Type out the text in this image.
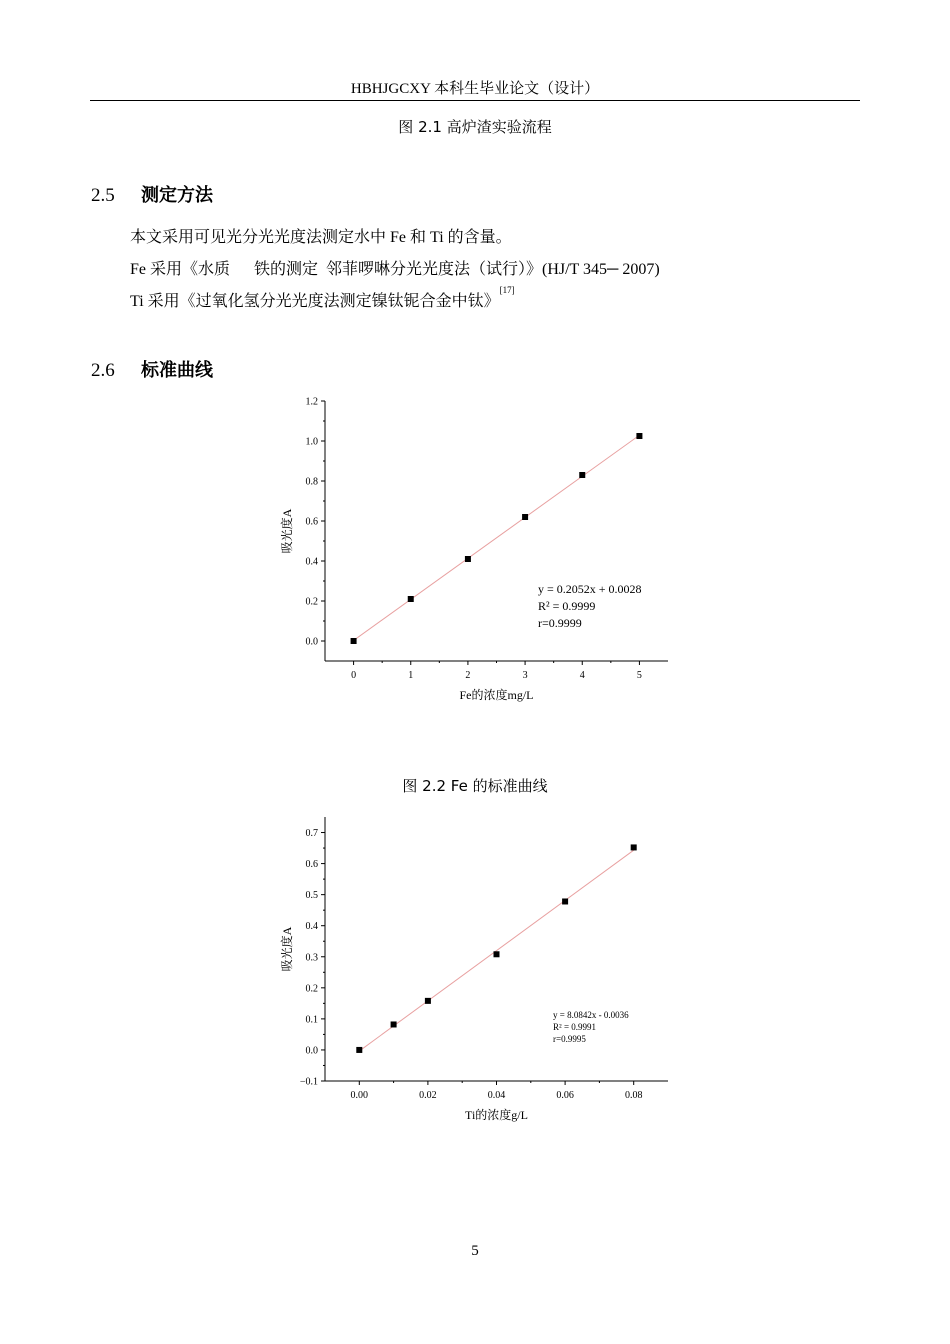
HBHJGCXY 本科生毕业论文（设计）
图 2.1 高炉渣实验流程
2.5 测定方法
本文采用可见光分光光度法测定水中 Fe 和 Ti 的含量。
Fe 采用《水质      铁的测定  邻菲啰啉分光光度法（试行）》(HJ/T 345─ 2007)
Ti 采用《过氧化氢分光光度法测定镍钛铌合金中钛》[17]
2.6 标准曲线
0.0
0.2
0.4
0.6
0.8
1.0
1.2
0	1	2	3	4	5
Fe的浓度mg/L
吸光度A
y = 0.2052x + 0.0028
R² = 0.9999
r=0.9999
图 2.2 Fe 的标准曲线
−0.1
0.0
0.1
0.2
0.3
0.4
0.5
0.6
0.7
0.00	0.02	0.04	0.06	0.08
Ti的浓度g/L
吸光度A
y = 8.0842x - 0.0036
R² = 0.9991
r=0.9995
5
